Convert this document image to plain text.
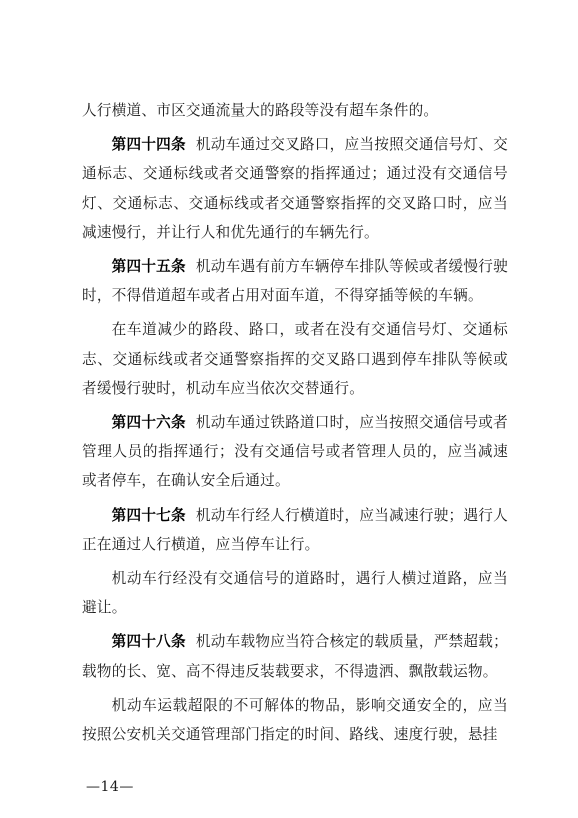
人行横道、市区交通流量大的路段等没有超车条件的。

第四十四条 机动车通过交叉路口，应当按照交通信号灯、交通标志、交通标线或者交通警察的指挥通过；通过没有交通信号灯、交通标志、交通标线或者交通警察指挥的交叉路口时，应当减速慢行，并让行人和优先通行的车辆先行。

第四十五条 机动车遇有前方车辆停车排队等候或者缓慢行驶时，不得借道超车或者占用对面车道，不得穿插等候的车辆。

在车道减少的路段、路口，或者在没有交通信号灯、交通标志、交通标线或者交通警察指挥的交叉路口遇到停车排队等候或者缓慢行驶时，机动车应当依次交替通行。

第四十六条 机动车通过铁路道口时，应当按照交通信号或者管理人员的指挥通行；没有交通信号或者管理人员的，应当减速或者停车，在确认安全后通过。

第四十七条 机动车行经人行横道时，应当减速行驶；遇行人正在通过人行横道，应当停车让行。

机动车行经没有交通信号的道路时，遇行人横过道路，应当避让。

第四十八条 机动车载物应当符合核定的载质量，严禁超载；载物的长、宽、高不得违反装载要求，不得遗洒、飘散载运物。

机动车运载超限的不可解体的物品，影响交通安全的，应当按照公安机关交通管理部门指定的时间、路线、速度行驶，悬挂

—14—
